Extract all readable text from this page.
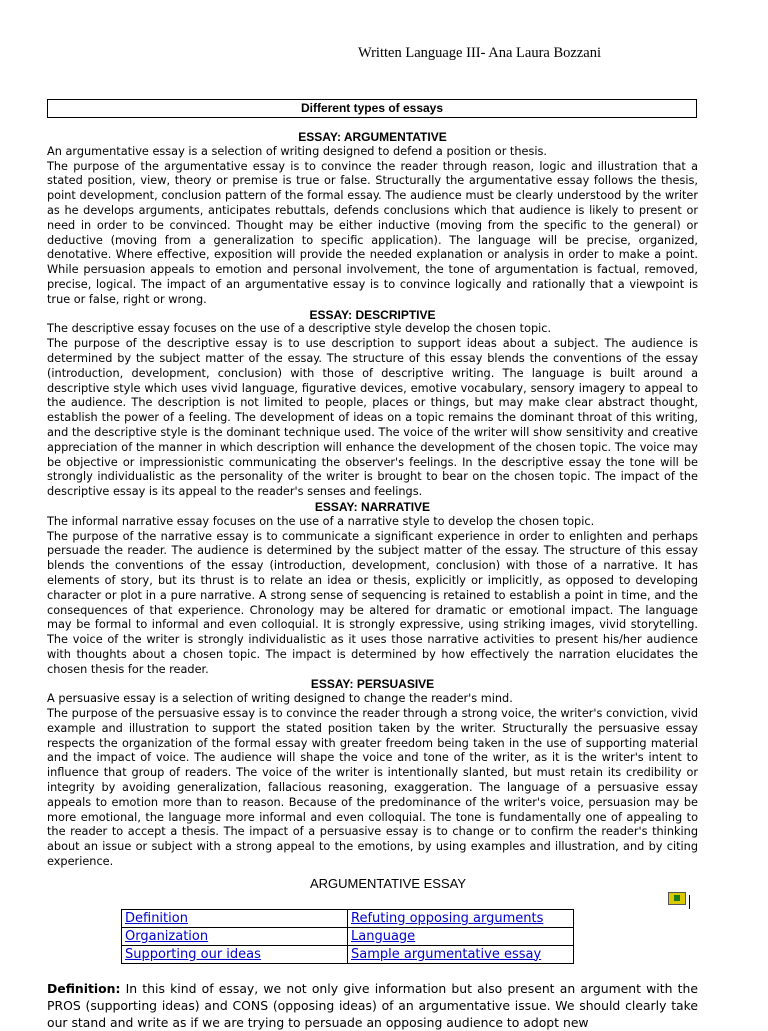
Written Language III- Ana Laura Bozzani
Different types of essays
ESSAY: ARGUMENTATIVE

An argumentative essay is a selection of writing designed to defend a position or thesis.

The purpose of the argumentative essay is to convince the reader through reason, logic and illustration that a stated position, view, theory or premise is true or false. Structurally the argumentative essay follows the thesis, point development, conclusion pattern of the formal essay. The audience must be clearly understood by the writer as he develops arguments, anticipates rebuttals, defends conclusions which that audience is likely to present or need in order to be convinced. Thought may be either inductive (moving from the specific to the general) or deductive (moving from a generalization to specific application). The language will be precise, organized, denotative. Where effective, exposition will provide the needed explanation or analysis in order to make a point. While persuasion appeals to emotion and personal involvement, the tone of argumentation is factual, removed, precise, logical. The impact of an argumentative essay is to convince logically and rationally that a viewpoint is true or false, right or wrong.

ESSAY: DESCRIPTIVE

The descriptive essay focuses on the use of a descriptive style develop the chosen topic.

The purpose of the descriptive essay is to use description to support ideas about a subject. The audience is determined by the subject matter of the essay. The structure of this essay blends the conventions of the essay (introduction, development, conclusion) with those of descriptive writing. The language is built around a descriptive style which uses vivid language, figurative devices, emotive vocabulary, sensory imagery to appeal to the audience. The description is not limited to people, places or things, but may make clear abstract thought, establish the power of a feeling. The development of ideas on a topic remains the dominant throat of this writing, and the descriptive style is the dominant technique used. The voice of the writer will show sensitivity and creative appreciation of the manner in which description will enhance the development of the chosen topic. The voice may be objective or impressionistic communicating the observer's feelings. In the descriptive essay the tone will be strongly individualistic as the personality of the writer is brought to bear on the chosen topic. The impact of the descriptive essay is its appeal to the reader's senses and feelings.

ESSAY: NARRATIVE

The informal narrative essay focuses on the use of a narrative style to develop the chosen topic.

The purpose of the narrative essay is to communicate a significant experience in order to enlighten and perhaps persuade the reader. The audience is determined by the subject matter of the essay. The structure of this essay blends the conventions of the essay (introduction, development, conclusion) with those of a narrative. It has elements of story, but its thrust is to relate an idea or thesis, explicitly or implicitly, as opposed to developing character or plot in a pure narrative. A strong sense of sequencing is retained to establish a point in time, and the consequences of that experience. Chronology may be altered for dramatic or emotional impact. The language may be formal to informal and even colloquial. It is strongly expressive, using striking images, vivid storytelling. The voice of the writer is strongly individualistic as it uses those narrative activities to present his/her audience with thoughts about a chosen topic. The impact is determined by how effectively the narration elucidates the chosen thesis for the reader.

ESSAY: PERSUASIVE

A persuasive essay is a selection of writing designed to change the reader's mind.

The purpose of the persuasive essay is to convince the reader through a strong voice, the writer's conviction, vivid example and illustration to support the stated position taken by the writer. Structurally the persuasive essay respects the organization of the formal essay with greater freedom being taken in the use of supporting material and the impact of voice. The audience will shape the voice and tone of the writer, as it is the writer's intent to influence that group of readers. The voice of the writer is intentionally slanted, but must retain its credibility or integrity by avoiding generalization, fallacious reasoning, exaggeration. The language of a persuasive essay appeals to emotion more than to reason. Because of the predominance of the writer's voice, persuasion may be more emotional, the language more informal and even colloquial. The tone is fundamentally one of appealing to the reader to accept a thesis. The impact of a persuasive essay is to change or to confirm the reader's thinking about an issue or subject with a strong appeal to the emotions, by using examples and illustration, and by citing experience.

ARGUMENTATIVE ESSAY
Definition	Refuting opposing arguments
Organization	Language
Supporting our ideas	Sample argumentative essay
Definition: In this kind of essay, we not only give information but also present an argument with the PROS (supporting ideas) and CONS (opposing ideas) of an argumentative issue. We should clearly take our stand and write as if we are trying to persuade an opposing audience to adopt new
